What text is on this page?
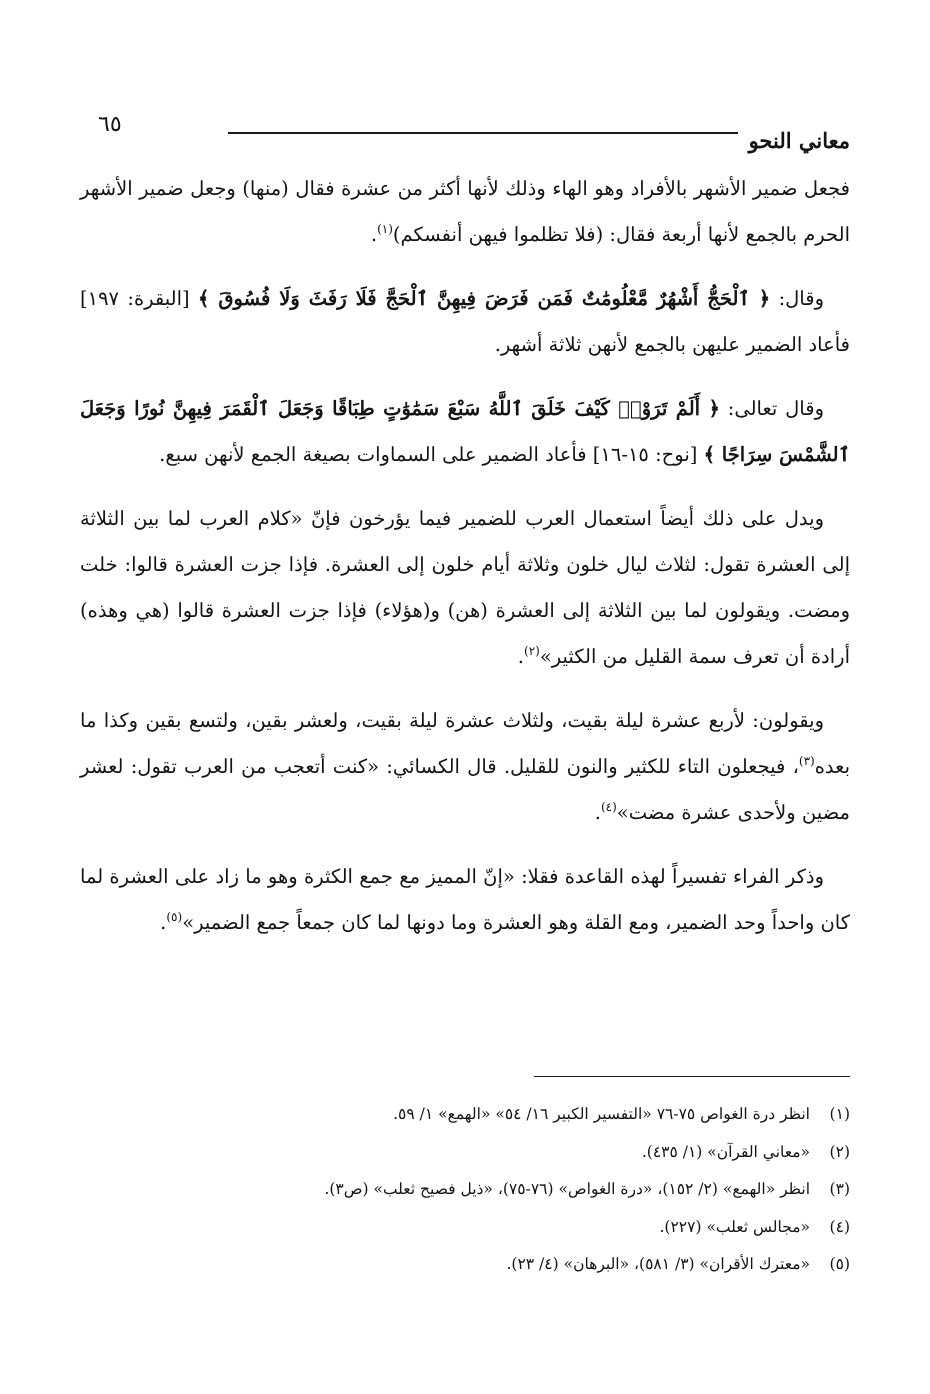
٦٥
معاني النحو

فجعل ضمير الأشهر بالأفراد وهو الهاء وذلك لأنها أكثر من عشرة فقال (منها) وجعل ضمير الأشهر الحرم بالجمع لأنها أربعة فقال: (فلا تظلموا فيهن أنفسكم)$^{(١)}$.

وقال: ﴿ ٱلْحَجُّ أَشْهُرٌ مَّعْلُومَٰتٌ فَمَن فَرَضَ فِيهِنَّ ٱلْحَجَّ فَلَا رَفَثَ وَلَا فُسُوقَ ﴾ [البقرة: ١٩٧] فأعاد الضمير عليهن بالجمع لأنهن ثلاثة أشهر.

وقال تعالى: ﴿ أَلَمْ تَرَوْا۟ كَيْفَ خَلَقَ ٱللَّهُ سَبْعَ سَمَٰوَٰتٍ طِبَاقًا وَجَعَلَ ٱلْقَمَرَ فِيهِنَّ نُورًا وَجَعَلَ ٱلشَّمْسَ سِرَاجًا ﴾ [نوح: ١٥-١٦] فأعاد الضمير على السماوات بصيغة الجمع لأنهن سبع.

ويدل على ذلك أيضاً استعمال العرب للضمير فيما يؤرخون فإنّ «كلام العرب لما بين الثلاثة إلى العشرة تقول: لثلاث ليال خلون وثلاثة أيام خلون إلى العشرة. فإذا جزت العشرة قالوا: خلت ومضت. ويقولون لما بين الثلاثة إلى العشرة (هن) و(هؤلاء) فإذا جزت العشرة قالوا (هي وهذه) أرادة أن تعرف سمة القليل من الكثير»$^{(٢)}$.

ويقولون: لأربع عشرة ليلة بقيت، ولثلاث عشرة ليلة بقيت، ولعشر بقين، ولتسع بقين وكذا ما بعده$^{(٣)}$، فيجعلون التاء للكثير والنون للقليل. قال الكسائي: «كنت أتعجب من العرب تقول: لعشر مضين ولأحدى عشرة مضت»$^{(٤)}$.

وذكر الفراء تفسيراً لهذه القاعدة فقلا: «إنّ المميز مع جمع الكثرة وهو ما زاد على العشرة لما كان واحداً وحد الضمير، ومع القلة وهو العشرة وما دونها لما كان جمعاً جمع الضمير»$^{(٥)}$.

(١)انظر درة الغواص ٧٥-٧٦ «التفسير الكبير ١٦/ ٥٤» «الهمع» ١/ ٥٩.
(٢)«معاني القرآن» (١/ ٤٣٥).
(٣)انظر «الهمع» (٢/ ١٥٢)، «درة الغواص» (٧٦-٧٥)، «ذيل فصيح ثعلب» (ص٣).
(٤)«مجالس ثعلب» (٢٢٧).
(٥)«معترك الأقران» (٣/ ٥٨١)، «البرهان» (٤/ ٢٣).
